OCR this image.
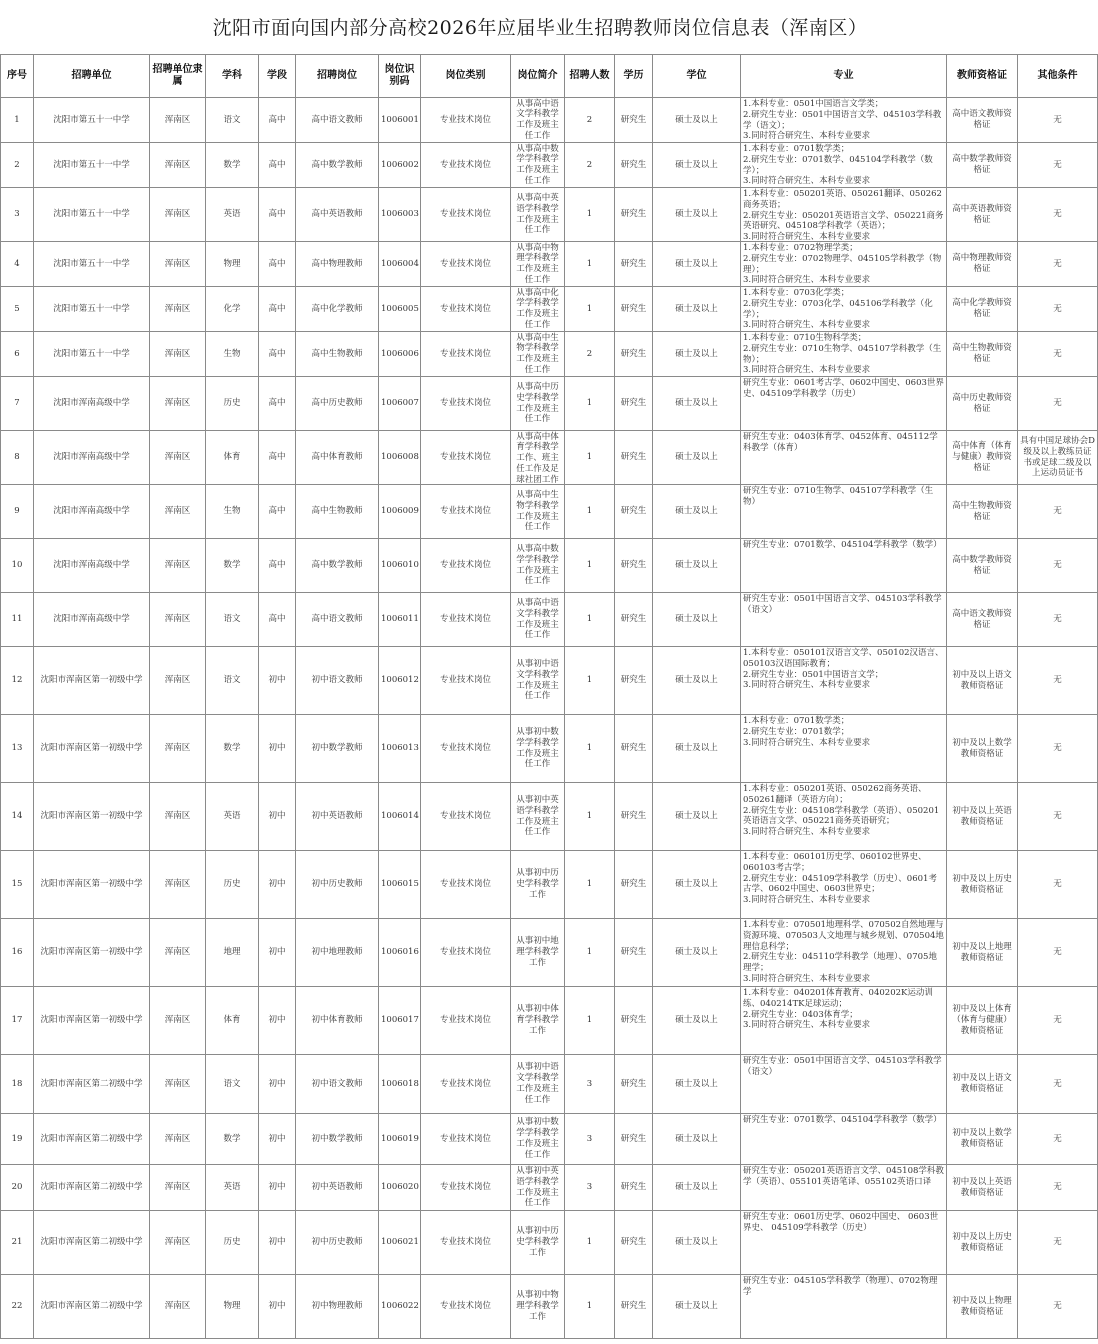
沈阳市面向国内部分高校2026年应届毕业生招聘教师岗位信息表（浑南区）
序号	招聘单位	招聘单位隶属	学科	学段	招聘岗位	岗位识别码	岗位类别	岗位简介	招聘人数	学历	学位	专业	教师资格证	其他条件

1	沈阳市第五十一中学	浑南区	语文	高中	高中语文教师	1006001	专业技术岗位	从事高中语文学科教学工作及班主任工作	2	研究生	硕士及以上	1.本科专业：0501中国语言文学类；
2.研究生专业：0501中国语言文学、045103学科教学（语文）；
3.同时符合研究生、本科专业要求	高中语文教师资格证	无

2	沈阳市第五十一中学	浑南区	数学	高中	高中数学教师	1006002	专业技术岗位	从事高中数学学科教学工作及班主任工作	2	研究生	硕士及以上	1.本科专业：0701数学类；
2.研究生专业：0701数学、045104学科教学（数学）；
3.同时符合研究生、本科专业要求	高中数学教师资格证	无

3	沈阳市第五十一中学	浑南区	英语	高中	高中英语教师	1006003	专业技术岗位	从事高中英语学科教学工作及班主任工作	1	研究生	硕士及以上	1.本科专业：050201英语、050261翻译、050262商务英语；
2.研究生专业：050201英语语言文学、050221商务英语研究、045108学科教学（英语）；
3.同时符合研究生、本科专业要求	高中英语教师资格证	无

4	沈阳市第五十一中学	浑南区	物理	高中	高中物理教师	1006004	专业技术岗位	从事高中物理学科教学工作及班主任工作	1	研究生	硕士及以上	1.本科专业：0702物理学类；
2.研究生专业：0702物理学、045105学科教学（物理）；
3.同时符合研究生、本科专业要求	高中物理教师资格证	无

5	沈阳市第五十一中学	浑南区	化学	高中	高中化学教师	1006005	专业技术岗位	从事高中化学学科教学工作及班主任工作	1	研究生	硕士及以上	1.本科专业：0703化学类；
2.研究生专业：0703化学、045106学科教学（化学）；
3.同时符合研究生、本科专业要求	高中化学教师资格证	无

6	沈阳市第五十一中学	浑南区	生物	高中	高中生物教师	1006006	专业技术岗位	从事高中生物学科教学工作及班主任工作	2	研究生	硕士及以上	1.本科专业：0710生物科学类；
2.研究生专业：0710生物学、045107学科教学（生物）；
3.同时符合研究生、本科专业要求	高中生物教师资格证	无

7	沈阳市浑南高级中学	浑南区	历史	高中	高中历史教师	1006007	专业技术岗位	从事高中历史学科教学工作及班主任工作	1	研究生	硕士及以上	研究生专业：0601考古学、0602中国史、0603世界史、045109学科教学（历史）	高中历史教师资格证	无

8	沈阳市浑南高级中学	浑南区	体育	高中	高中体育教师	1006008	专业技术岗位	从事高中体育学科教学工作、班主任工作及足球社团工作	1	研究生	硕士及以上	研究生专业：0403体育学、0452体育、045112学科教学（体育）	高中体育（体育与健康）教师资格证	具有中国足球协会D级及以上教练员证书或足球二级及以上运动员证书

9	沈阳市浑南高级中学	浑南区	生物	高中	高中生物教师	1006009	专业技术岗位	从事高中生物学科教学工作及班主任工作	1	研究生	硕士及以上	研究生专业：0710生物学、045107学科教学（生物）	高中生物教师资格证	无

10	沈阳市浑南高级中学	浑南区	数学	高中	高中数学教师	1006010	专业技术岗位	从事高中数学学科教学工作及班主任工作	1	研究生	硕士及以上	研究生专业：0701数学、045104学科教学（数学）	高中数学教师资格证	无

11	沈阳市浑南高级中学	浑南区	语文	高中	高中语文教师	1006011	专业技术岗位	从事高中语文学科教学工作及班主任工作	1	研究生	硕士及以上	研究生专业：0501中国语言文学、045103学科教学（语文）	高中语文教师资格证	无

12	沈阳市浑南区第一初级中学	浑南区	语文	初中	初中语文教师	1006012	专业技术岗位	从事初中语文学科教学工作及班主任工作	1	研究生	硕士及以上	1.本科专业：050101汉语言文学、050102汉语言、050103汉语国际教育；
2.研究生专业：0501中国语言文学；
3.同时符合研究生、本科专业要求	初中及以上语文教师资格证	无

13	沈阳市浑南区第一初级中学	浑南区	数学	初中	初中数学教师	1006013	专业技术岗位	从事初中数学学科教学工作及班主任工作	1	研究生	硕士及以上	1.本科专业：0701数学类；
2.研究生专业：0701数学；
3.同时符合研究生、本科专业要求	初中及以上数学教师资格证	无

14	沈阳市浑南区第一初级中学	浑南区	英语	初中	初中英语教师	1006014	专业技术岗位	从事初中英语学科教学工作及班主任工作	1	研究生	硕士及以上	1.本科专业：050201英语、050262商务英语、050261翻译（英语方向）；
2.研究生专业：045108学科教学（英语）、050201英语语言文学、050221商务英语研究；
3.同时符合研究生、本科专业要求	初中及以上英语教师资格证	无

15	沈阳市浑南区第一初级中学	浑南区	历史	初中	初中历史教师	1006015	专业技术岗位	从事初中历史学科教学工作	1	研究生	硕士及以上	1.本科专业：060101历史学、060102世界史、060103考古学；
2.研究生专业：045109学科教学（历史）、0601考古学、0602中国史、0603世界史；
3.同时符合研究生、本科专业要求	初中及以上历史教师资格证	无

16	沈阳市浑南区第一初级中学	浑南区	地理	初中	初中地理教师	1006016	专业技术岗位	从事初中地理学科教学工作	1	研究生	硕士及以上	1.本科专业：070501地理科学、070502自然地理与资源环境、070503人文地理与城乡规划、070504地理信息科学；
2.研究生专业：045110学科教学（地理）、0705地理学；
3.同时符合研究生、本科专业要求	初中及以上地理教师资格证	无

17	沈阳市浑南区第一初级中学	浑南区	体育	初中	初中体育教师	1006017	专业技术岗位	从事初中体育学科教学工作	1	研究生	硕士及以上	1.本科专业：040201体育教育、040202K运动训练、040214TK足球运动；
2.研究生专业：0403体育学；
3.同时符合研究生、本科专业要求	初中及以上体育（体育与健康）教师资格证	无

18	沈阳市浑南区第二初级中学	浑南区	语文	初中	初中语文教师	1006018	专业技术岗位	从事初中语文学科教学工作及班主任工作	3	研究生	硕士及以上	研究生专业：0501中国语言文学、045103学科教学（语文）	初中及以上语文教师资格证	无

19	沈阳市浑南区第二初级中学	浑南区	数学	初中	初中数学教师	1006019	专业技术岗位	从事初中数学学科教学工作及班主任工作	3	研究生	硕士及以上	研究生专业：0701数学、045104学科教学（数学）	初中及以上数学教师资格证	无

20	沈阳市浑南区第二初级中学	浑南区	英语	初中	初中英语教师	1006020	专业技术岗位	从事初中英语学科教学工作及班主任工作	3	研究生	硕士及以上	研究生专业：050201英语语言文学、045108学科教学（英语）、055101英语笔译、055102英语口译	初中及以上英语教师资格证	无

21	沈阳市浑南区第二初级中学	浑南区	历史	初中	初中历史教师	1006021	专业技术岗位	从事初中历史学科教学工作	1	研究生	硕士及以上	研究生专业：0601历史学、0602中国史、 0603世界史、 045109学科教学（历史）	初中及以上历史教师资格证	无

22	沈阳市浑南区第二初级中学	浑南区	物理	初中	初中物理教师	1006022	专业技术岗位	从事初中物理学科教学工作	1	研究生	硕士及以上	研究生专业：045105学科教学（物理）、0702物理学	初中及以上物理教师资格证	无
